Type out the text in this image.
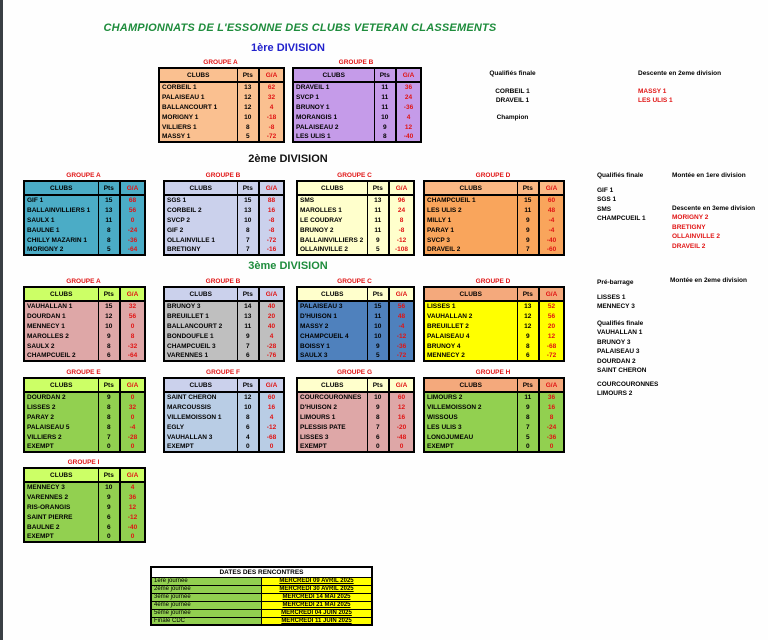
CHAMPIONNATS DE L'ESSONNE DES CLUBS VETERAN CLASSEMENTS
1ère DIVISION
2ème DIVISION
3ème DIVISION
GROUPE A
CLUBS	Pts	G/A
CORBEIL 1	13	62
PALAISEAU 1	12	32
BALLANCOURT 1	12	4
MORIGNY 1	10	-18
VILLIERS 1	8	-8
MASSY 1	5	-72
GROUPE B
CLUBS	Pts	G/A
DRAVEIL 1	11	36
SVCP 1	11	24
BRUNOY 1	11	-36
MORANGIS 1	10	4
PALAISEAU 2	9	12
LES ULIS 1	8	-40
GROUPE A
CLUBS	Pts	G/A
GIF 1	15	68
BALLAINVILLIERS 1	13	56
SAULX 1	11	0
BAULNE 1	8	-24
CHILLY MAZARIN 1	8	-36
MORIGNY 2	5	-64
GROUPE B
CLUBS	Pts	G/A
SGS 1	15	88
CORBEIL 2	13	16
SVCP 2	10	-8
GIF 2	8	-8
OLLAINVILLE 1	7	-72
BRETIGNY	7	-16
GROUPE C
CLUBS	Pts	G/A
SMS	13	96
MAROLLES 1	11	24
LE COUDRAY	11	8
BRUNOY 2	11	-8
BALLAINVILLIERS 2	9	-12
OLLAINVILLE 2	5	-108
GROUPE D
CLUBS	Pts	G/A
CHAMPCUEIL 1	15	60
LES ULIS 2	11	48
MILLY 1	9	-4
PARAY 1	9	-4
SVCP 3	9	-40
DRAVEIL 2	7	-60
GROUPE A
CLUBS	Pts	G/A
VAUHALLAN 1	15	32
DOURDAN 1	12	56
MENNECY 1	10	0
MAROLLES 2	9	8
SAULX 2	8	-32
CHAMPCUEIL 2	6	-64
GROUPE B
CLUBS	Pts	G/A
BRUNOY 3	14	40
BREUILLET 1	13	20
BALLANCOURT 2	11	40
BONDOUFLE 1	9	4
CHAMPCUEIL 3	7	-28
VARENNES 1	6	-76
GROUPE C
CLUBS	Pts	G/A
PALAISEAU 3	15	56
D'HUISON 1	11	48
MASSY 2	10	-4
CHAMPCUEIL 4	10	-12
BOISSY 1	9	-36
SAULX 3	5	-72
GROUPE D
CLUBS	Pts	G/A
LISSES 1	13	52
VAUHALLAN 2	12	56
BREUILLET 2	12	20
PALAISEAU 4	9	12
BRUNOY 4	8	-68
MENNECY 2	6	-72
GROUPE E
CLUBS	Pts	G/A
DOURDAN 2	9	0
LISSES 2	8	32
PARAY 2	8	0
PALAISEAU 5	8	-4
VILLIERS 2	7	-28
EXEMPT	0	0
GROUPE F
CLUBS	Pts	G/A
SAINT CHERON	12	60
MARCOUSSIS	10	16
VILLEMOISSON 1	8	4
EGLY	6	-12
VAUHALLAN 3	4	-68
EXEMPT	0	0
GROUPE G
CLUBS	Pts	G/A
COURCOURONNES	10	60
D'HUISON 2	9	12
LIMOURS 1	8	16
PLESSIS PATE	7	-20
LISSES 3	6	-48
EXEMPT	0	0
GROUPE H
CLUBS	Pts	G/A
LIMOURS 2	11	36
VILLEMOISSON 2	9	16
WISSOUS	8	8
LES ULIS 3	7	-24
LONGJUMEAU	5	-36
EXEMPT	0	0
GROUPE I
CLUBS	Pts	G/A
MENNECY 3	10	4
VARENNES 2	9	36
RIS-ORANGIS	9	12
SAINT PIERRE	6	-12
BAULNE 2	6	-40
EXEMPT	0	0
Qualifiés finale
CORBEIL 1
DRAVEIL 1
Champion
Descente en 2eme division
MASSY 1
LES ULIS 1
Qualifiés finale
GIF 1
SGS 1
SMS
CHAMPCUEIL 1
Montée en 1ere division
Descente en 3eme division
MORIGNY 2
BRETIGNY
OLLAINVILLE 2
DRAVEIL 2
Pré-barrage
LISSES 1
MENNECY 3
Qualifiés finale
VAUHALLAN 1
BRUNOY 3
PALAISEAU 3
DOURDAN 2
SAINT CHERON
COURCOURONNES
LIMOURS 2
Montée en 2eme division
DATES DES RENCONTRES	
1ère journée	MERCREDI 09 AVRIL 2025
2ème journée	MERCREDI 30 AVRIL 2025
3ème journée	MERCREDI 14 MAI 2025
4ème journée	MERCREDI 21 MAI 2025
5ème journée	MERCREDI 04 JUIN 2025
Finale CDC	MERCREDI 11 JUIN 2025
